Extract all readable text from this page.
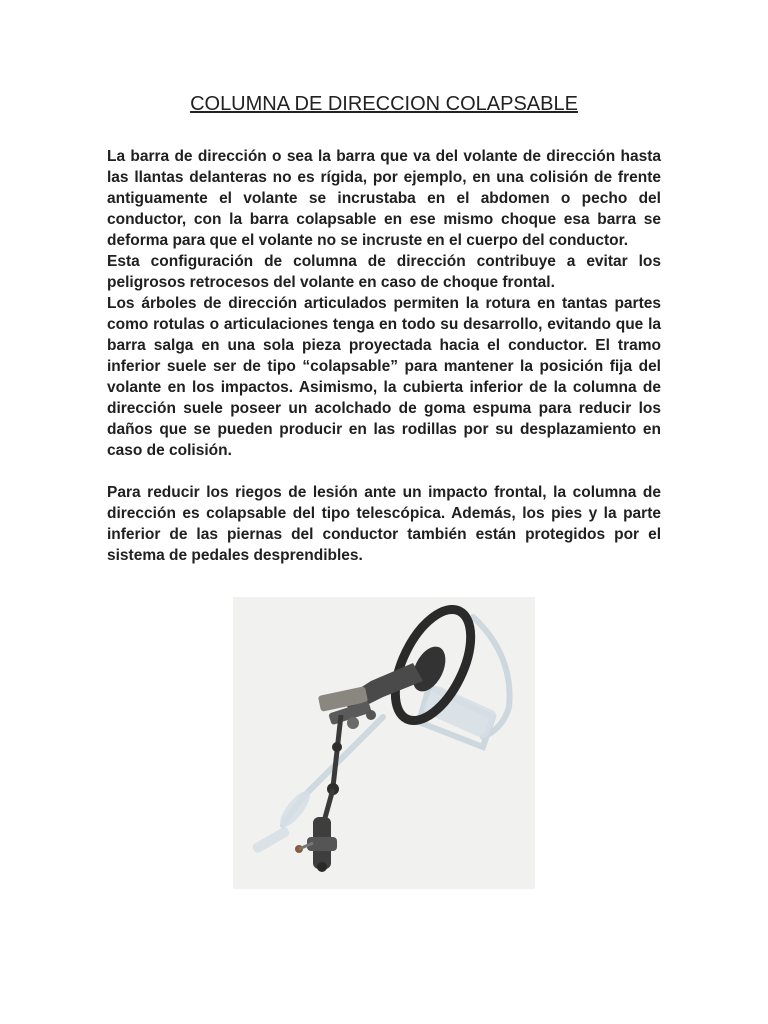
COLUMNA DE DIRECCION COLAPSABLE

La barra de dirección o sea la barra que va del volante de dirección hasta las llantas delanteras no es rígida, por ejemplo, en una colisión de frente antiguamente el volante se incrustaba en el abdomen o pecho del conductor, con la barra colapsable en ese mismo choque esa barra se deforma para que el volante no se incruste en el cuerpo del conductor.

Esta configuración de columna de dirección contribuye a evitar los peligrosos retrocesos del volante en caso de choque frontal.

Los árboles de dirección articulados permiten la rotura en tantas partes como rotulas o articulaciones tenga en todo su desarrollo, evitando que la barra salga en una sola pieza proyectada hacia el conductor. El tramo inferior suele ser de tipo “colapsable” para mantener la posición fija del volante en los impactos. Asimismo, la cubierta inferior de la columna de dirección suele poseer un acolchado de goma espuma para reducir los daños que se pueden producir en las rodillas por su desplazamiento en caso de colisión.

Para reducir los riegos de lesión ante un impacto frontal, la columna de dirección es colapsable del tipo telescópica. Además, los pies y la parte inferior de las piernas del conductor también están protegidos por el sistema de pedales desprendibles.
